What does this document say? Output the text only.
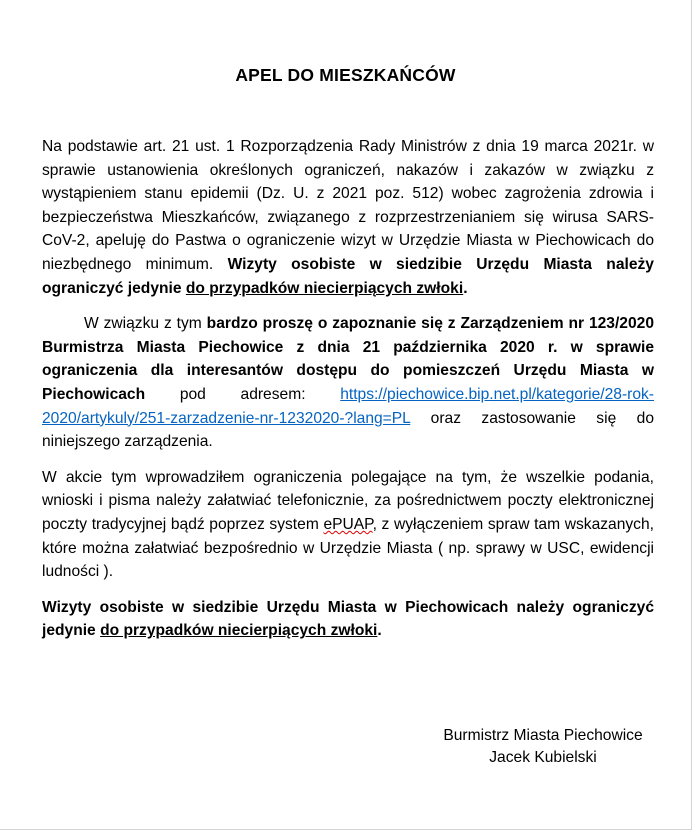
APEL DO MIESZKAŃCÓW

Na podstawie art. 21 ust. 1 Rozporządzenia Rady Ministrów z dnia 19 marca 2021r. w sprawie ustanowienia określonych ograniczeń, nakazów i zakazów w związku z wystąpieniem stanu epidemii (Dz. U. z 2021 poz. 512) wobec zagrożenia zdrowia i bezpieczeństwa Mieszkańców, związanego z rozprzestrzenianiem się wirusa SARS-CoV-2, apeluję do Pastwa o ograniczenie wizyt w Urzędzie Miasta w Piechowicach do niezbędnego minimum. Wizyty osobiste w siedzibie Urzędu Miasta należy ograniczyć jedynie do przypadków niecierpiących zwłoki.

W związku z tym bardzo proszę o zapoznanie się z Zarządzeniem nr 123/2020 Burmistrza Miasta Piechowice z dnia 21 października 2020 r. w sprawie ograniczenia dla interesantów dostępu do pomieszczeń Urzędu Miasta w Piechowicach pod adresem: https://piechowice.bip.net.pl/kategorie/28-rok-2020/artykuly/251-zarzadzenie-nr-1232020-?lang=PL oraz zastosowanie się do niniejszego zarządzenia.

W akcie tym wprowadziłem ograniczenia polegające na tym, że wszelkie podania, wnioski i pisma należy załatwiać telefonicznie, za pośrednictwem poczty elektronicznej poczty tradycyjnej bądź poprzez system ePUAP, z wyłączeniem spraw tam wskazanych, które można załatwiać bezpośrednio w Urzędzie Miasta ( np. sprawy w USC, ewidencji ludności ).

Wizyty osobiste w siedzibie Urzędu Miasta w Piechowicach należy ograniczyć jedynie do przypadków niecierpiących zwłoki.

Burmistrz Miasta Piechowice
Jacek Kubielski
